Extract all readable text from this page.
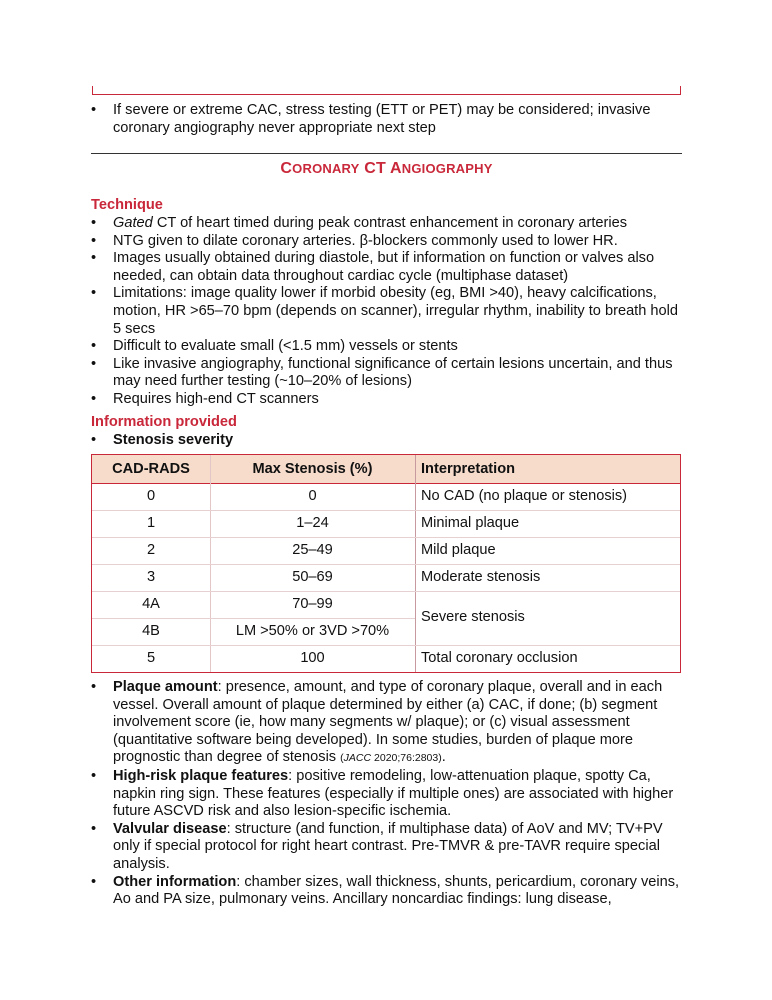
• If severe or extreme CAC, stress testing (ETT or PET) may be considered; invasive coronary angiography never appropriate next step
CORONARY CT ANGIOGRAPHY
Technique
• Gated CT of heart timed during peak contrast enhancement in coronary arteries
• NTG given to dilate coronary arteries. β-blockers commonly used to lower HR.
• Images usually obtained during diastole, but if information on function or valves also needed, can obtain data throughout cardiac cycle (multiphase dataset)
• Limitations: image quality lower if morbid obesity (eg, BMI >40), heavy calcifications, motion, HR >65–70 bpm (depends on scanner), irregular rhythm, inability to breath hold 5 secs
• Difficult to evaluate small (<1.5 mm) vessels or stents
• Like invasive angiography, functional significance of certain lesions uncertain, and thus may need further testing (~10–20% of lesions)
• Requires high-end CT scanners
Information provided
• Stenosis severity
CAD-RADS	Max Stenosis (%)	Interpretation
0	0	No CAD (no plaque or stenosis)
1	1–24	Minimal plaque
2	25–49	Mild plaque
3	50–69	Moderate stenosis
4A	70–99
Severe stenosis
4B	LM >50% or 3VD >70%
5	100	Total coronary occlusion
• Plaque amount: presence, amount, and type of coronary plaque, overall and in each vessel. Overall amount of plaque determined by either (a) CAC, if done; (b) segment involvement score (ie, how many segments w/ plaque); or (c) visual assessment (quantitative software being developed). In some studies, burden of plaque more prognostic than degree of stenosis (JACC 2020;76:2803).
• High-risk plaque features: positive remodeling, low-attenuation plaque, spotty Ca, napkin ring sign. These features (especially if multiple ones) are associated with higher future ASCVD risk and also lesion-specific ischemia.
• Valvular disease: structure (and function, if multiphase data) of AoV and MV; TV+PV only if special protocol for right heart contrast. Pre-TMVR & pre-TAVR require special analysis.
• Other information: chamber sizes, wall thickness, shunts, pericardium, coronary veins, Ao and PA size, pulmonary veins. Ancillary noncardiac findings: lung disease,
